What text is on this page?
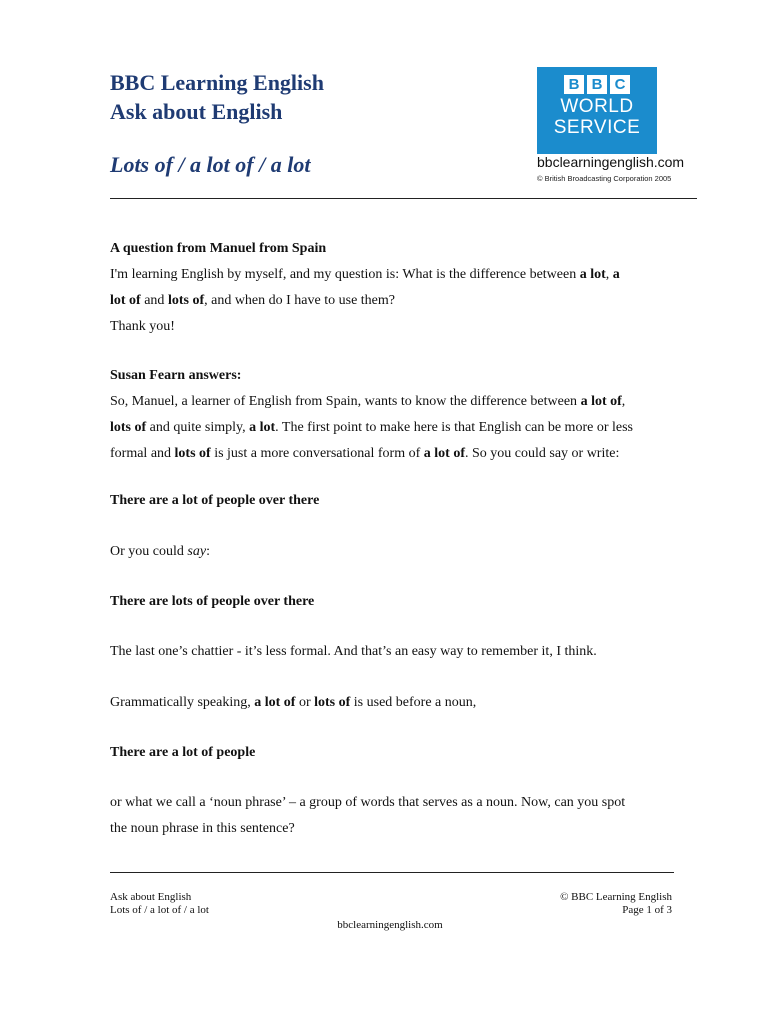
BBC Learning English
Ask about English
Lots of / a lot of / a lot
B B C
WORLD
SERVICE
bbclearningenglish.com
© British Broadcasting Corporation 2005

A question from Manuel from Spain

I'm learning English by myself, and my question is: What is the difference between a lot, a

lot of and lots of, and when do I have to use them?

Thank you!

Susan Fearn answers:

So, Manuel, a learner of English from Spain, wants to know the difference between a lot of,

lots of and quite simply, a lot. The first point to make here is that English can be more or less

formal and lots of is just a more conversational form of a lot of. So you could say or write:

There are a lot of people over there

Or you could say:

There are lots of people over there

The last one’s chattier - it’s less formal. And that’s an easy way to remember it, I think.

Grammatically speaking, a lot of or lots of is used before a noun,

There are a lot of people

or what we call a ‘noun phrase’ – a group of words that serves as a noun. Now, can you spot

the noun phrase in this sentence?

Ask about English
Lots of / a lot of / a lot
© BBC Learning English
Page 1 of 3
bbclearningenglish.com
